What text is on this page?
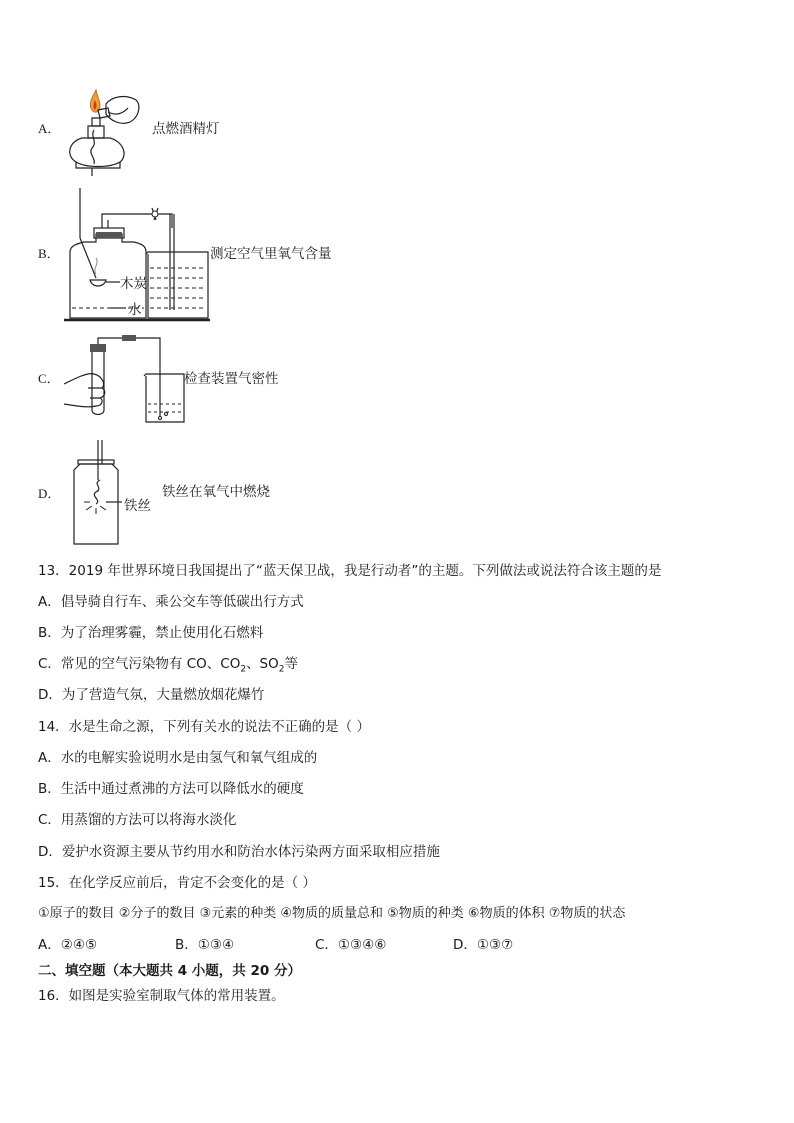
A．	点燃酒精灯
B．
木炭
水
测定空气里氧气含量
C．	检查装置气密性
D．
铁丝
铁丝在氧气中燃烧
13．2019 年世界环境日我国提出了“蓝天保卫战，我是行动者”的主题。下列做法或说法符合该主题的是
A．倡导骑自行车、乘公交车等低碳出行方式
B．为了治理雾霾，禁止使用化石燃料
C．常见的空气污染物有 CO、$CO_2$、$SO_2$等
D．为了营造气氛，大量燃放烟花爆竹
14．水是生命之源，下列有关水的说法不正确的是（ ）
A．水的电解实验说明水是由氢气和氧气组成的
B．生活中通过煮沸的方法可以降低水的硬度
C．用蒸馏的方法可以将海水淡化
D．爱护水资源主要从节约用水和防治水体污染两方面采取相应措施
15．在化学反应前后，肯定不会变化的是（ ）
①原子的数目 ②分子的数目 ③元素的种类 ④物质的质量总和 ⑤物质的种类 ⑥物质的体积 ⑦物质的状态
A．②④⑤	B．①③④	C．①③④⑥	D．①③⑦
二、填空题（本大题共 4 小题，共 20 分）
16．如图是实验室制取气体的常用装置。
